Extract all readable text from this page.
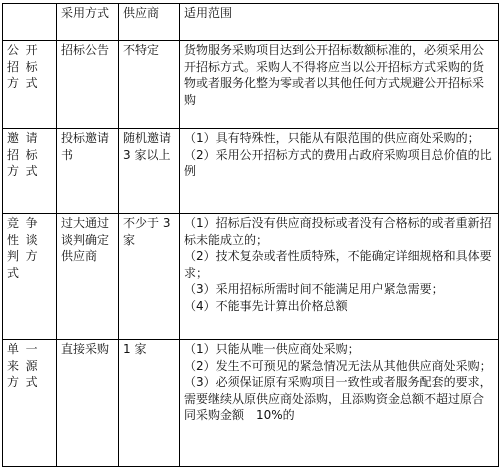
	采用方式	供应商	适用范围
公开招标方式	招标公告	不特定	货物服务采购项目达到公开招标数额标准的，必须采用公开招标方式。采购人不得将应当以公开招标方式采购的货物或者服务化整为零或者以其他任何方式规避公开招标采购

邀请招标方式	投标邀请书	随机邀请 3 家以上	（1）具有特殊性，只能从有限范围的供应商处采购的；

（2）采用公开招标方式的费用占政府采购项目总价值的比例

竞争性谈判方式	过大通过谈判确定供应商	不少于 3 家	（1）招标后没有供应商投标或者没有合格标的或者重新招标未能成立的；

（2）技术复杂或者性质特殊，不能确定详细规格和具体要求；

（3）采用招标所需时间不能满足用户紧急需要；

（4）不能事先计算出价格总额

单一来源方式	直接采购	1 家	（1）只能从唯一供应商处采购；

（2）发生不可预见的紧急情况无法从其他供应商处采购；

（3）必须保证原有采购项目一致性或者服务配套的要求，需要继续从原供应商处添购，且添购资金总额不超过原合同采购金额　10%的
